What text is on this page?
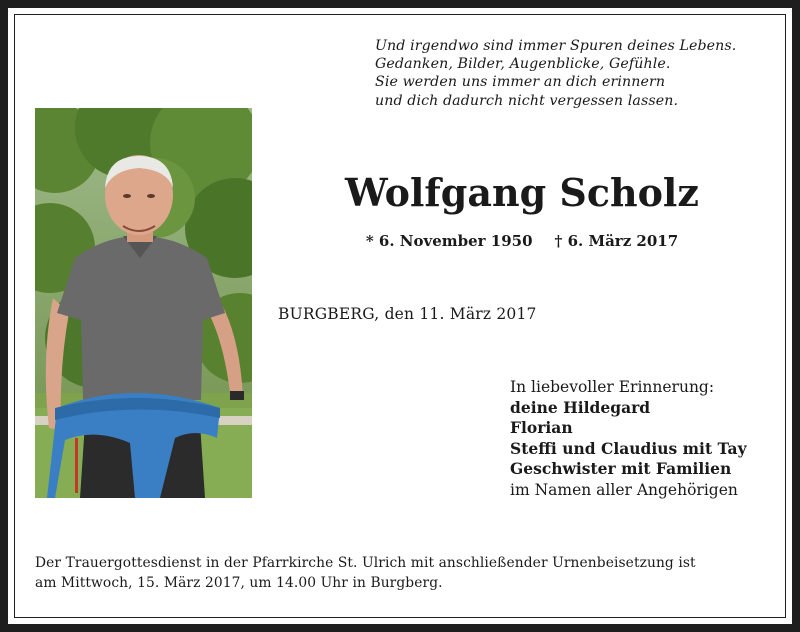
Und irgendwo sind immer Spuren deines Lebens.
Gedanken, Bilder, Augenblicke, Gefühle.
Sie werden uns immer an dich erinnern
und dich dadurch nicht vergessen lassen.
Wolfgang Scholz
* 6. November 1950 † 6. März 2017
BURGBERG, den 11. März 2017
In liebevoller Erinnerung:
deine Hildegard
Florian
Steffi und Claudius mit Tay
Geschwister mit Familien
im Namen aller Angehörigen
Der Trauergottesdienst in der Pfarrkirche St. Ulrich mit anschließender Urnenbeisetzung ist
am Mittwoch, 15. März 2017, um 14.00 Uhr in Burgberg.
